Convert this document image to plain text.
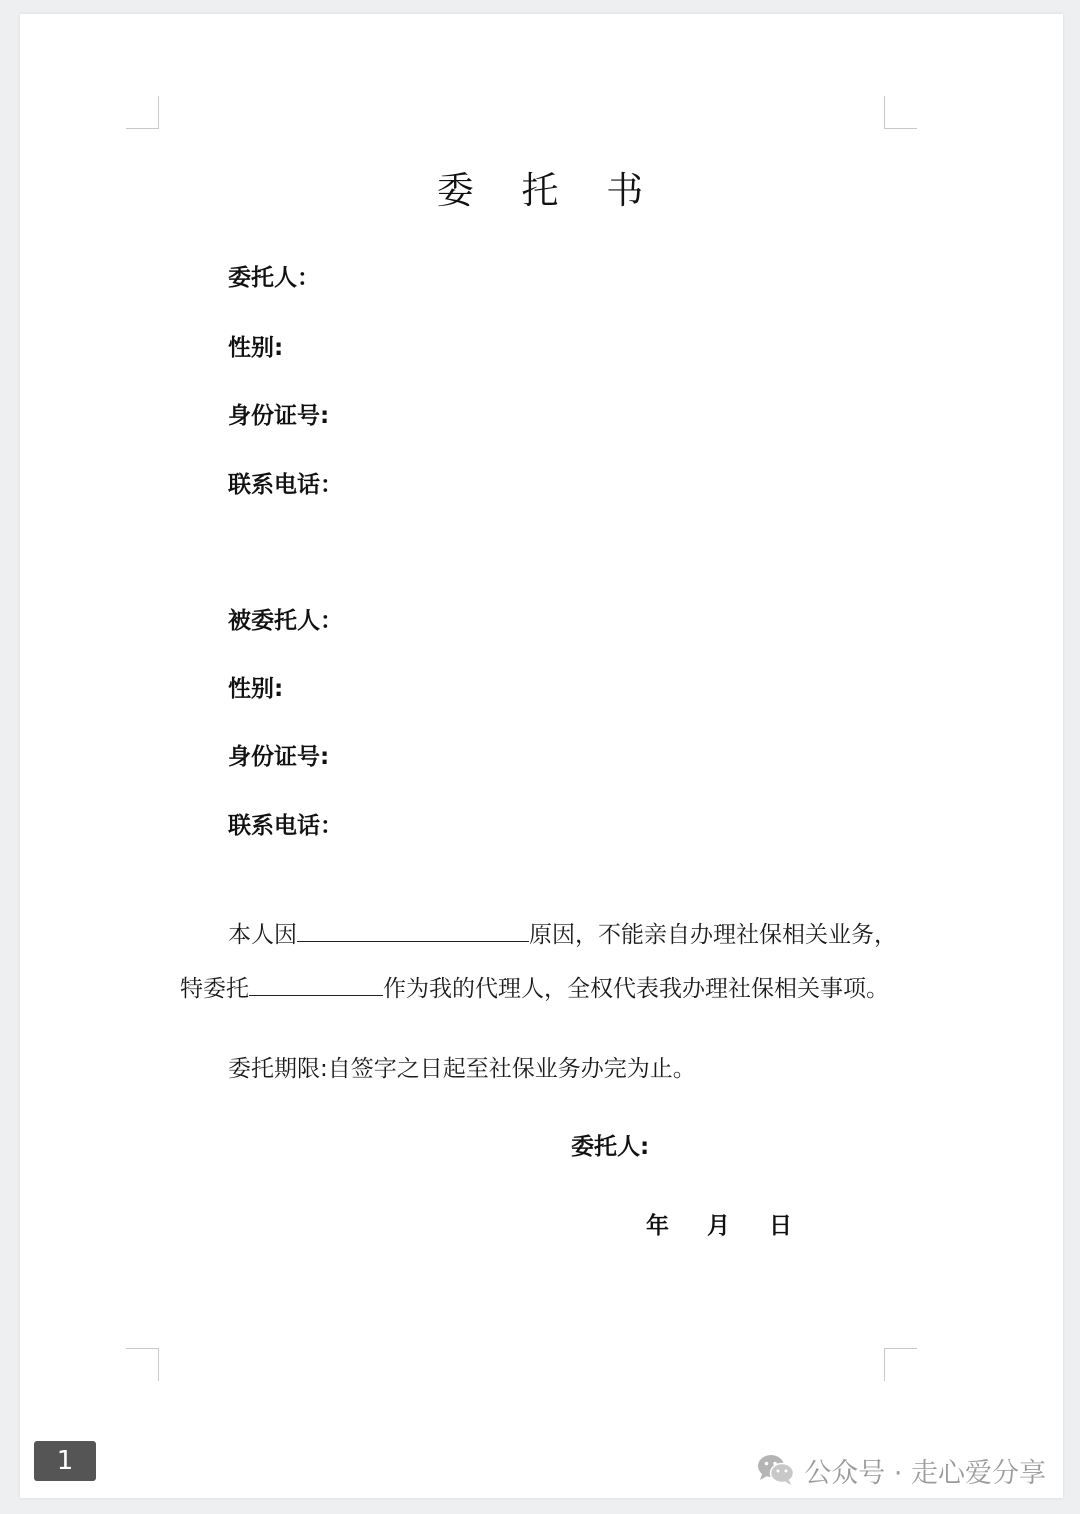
委 托 书
委托人：
性别:
身份证号:
联系电话：
被委托人：
性别:
身份证号:
联系电话：
本人因	原因，不能亲自办理社保相关业务，
特委托	作为我的代理人，全权代表我办理社保相关事项。
委托期限:自签字之日起至社保业务办完为止。
委托人:
年 月 日
1	公众号 · 走心爱分享
